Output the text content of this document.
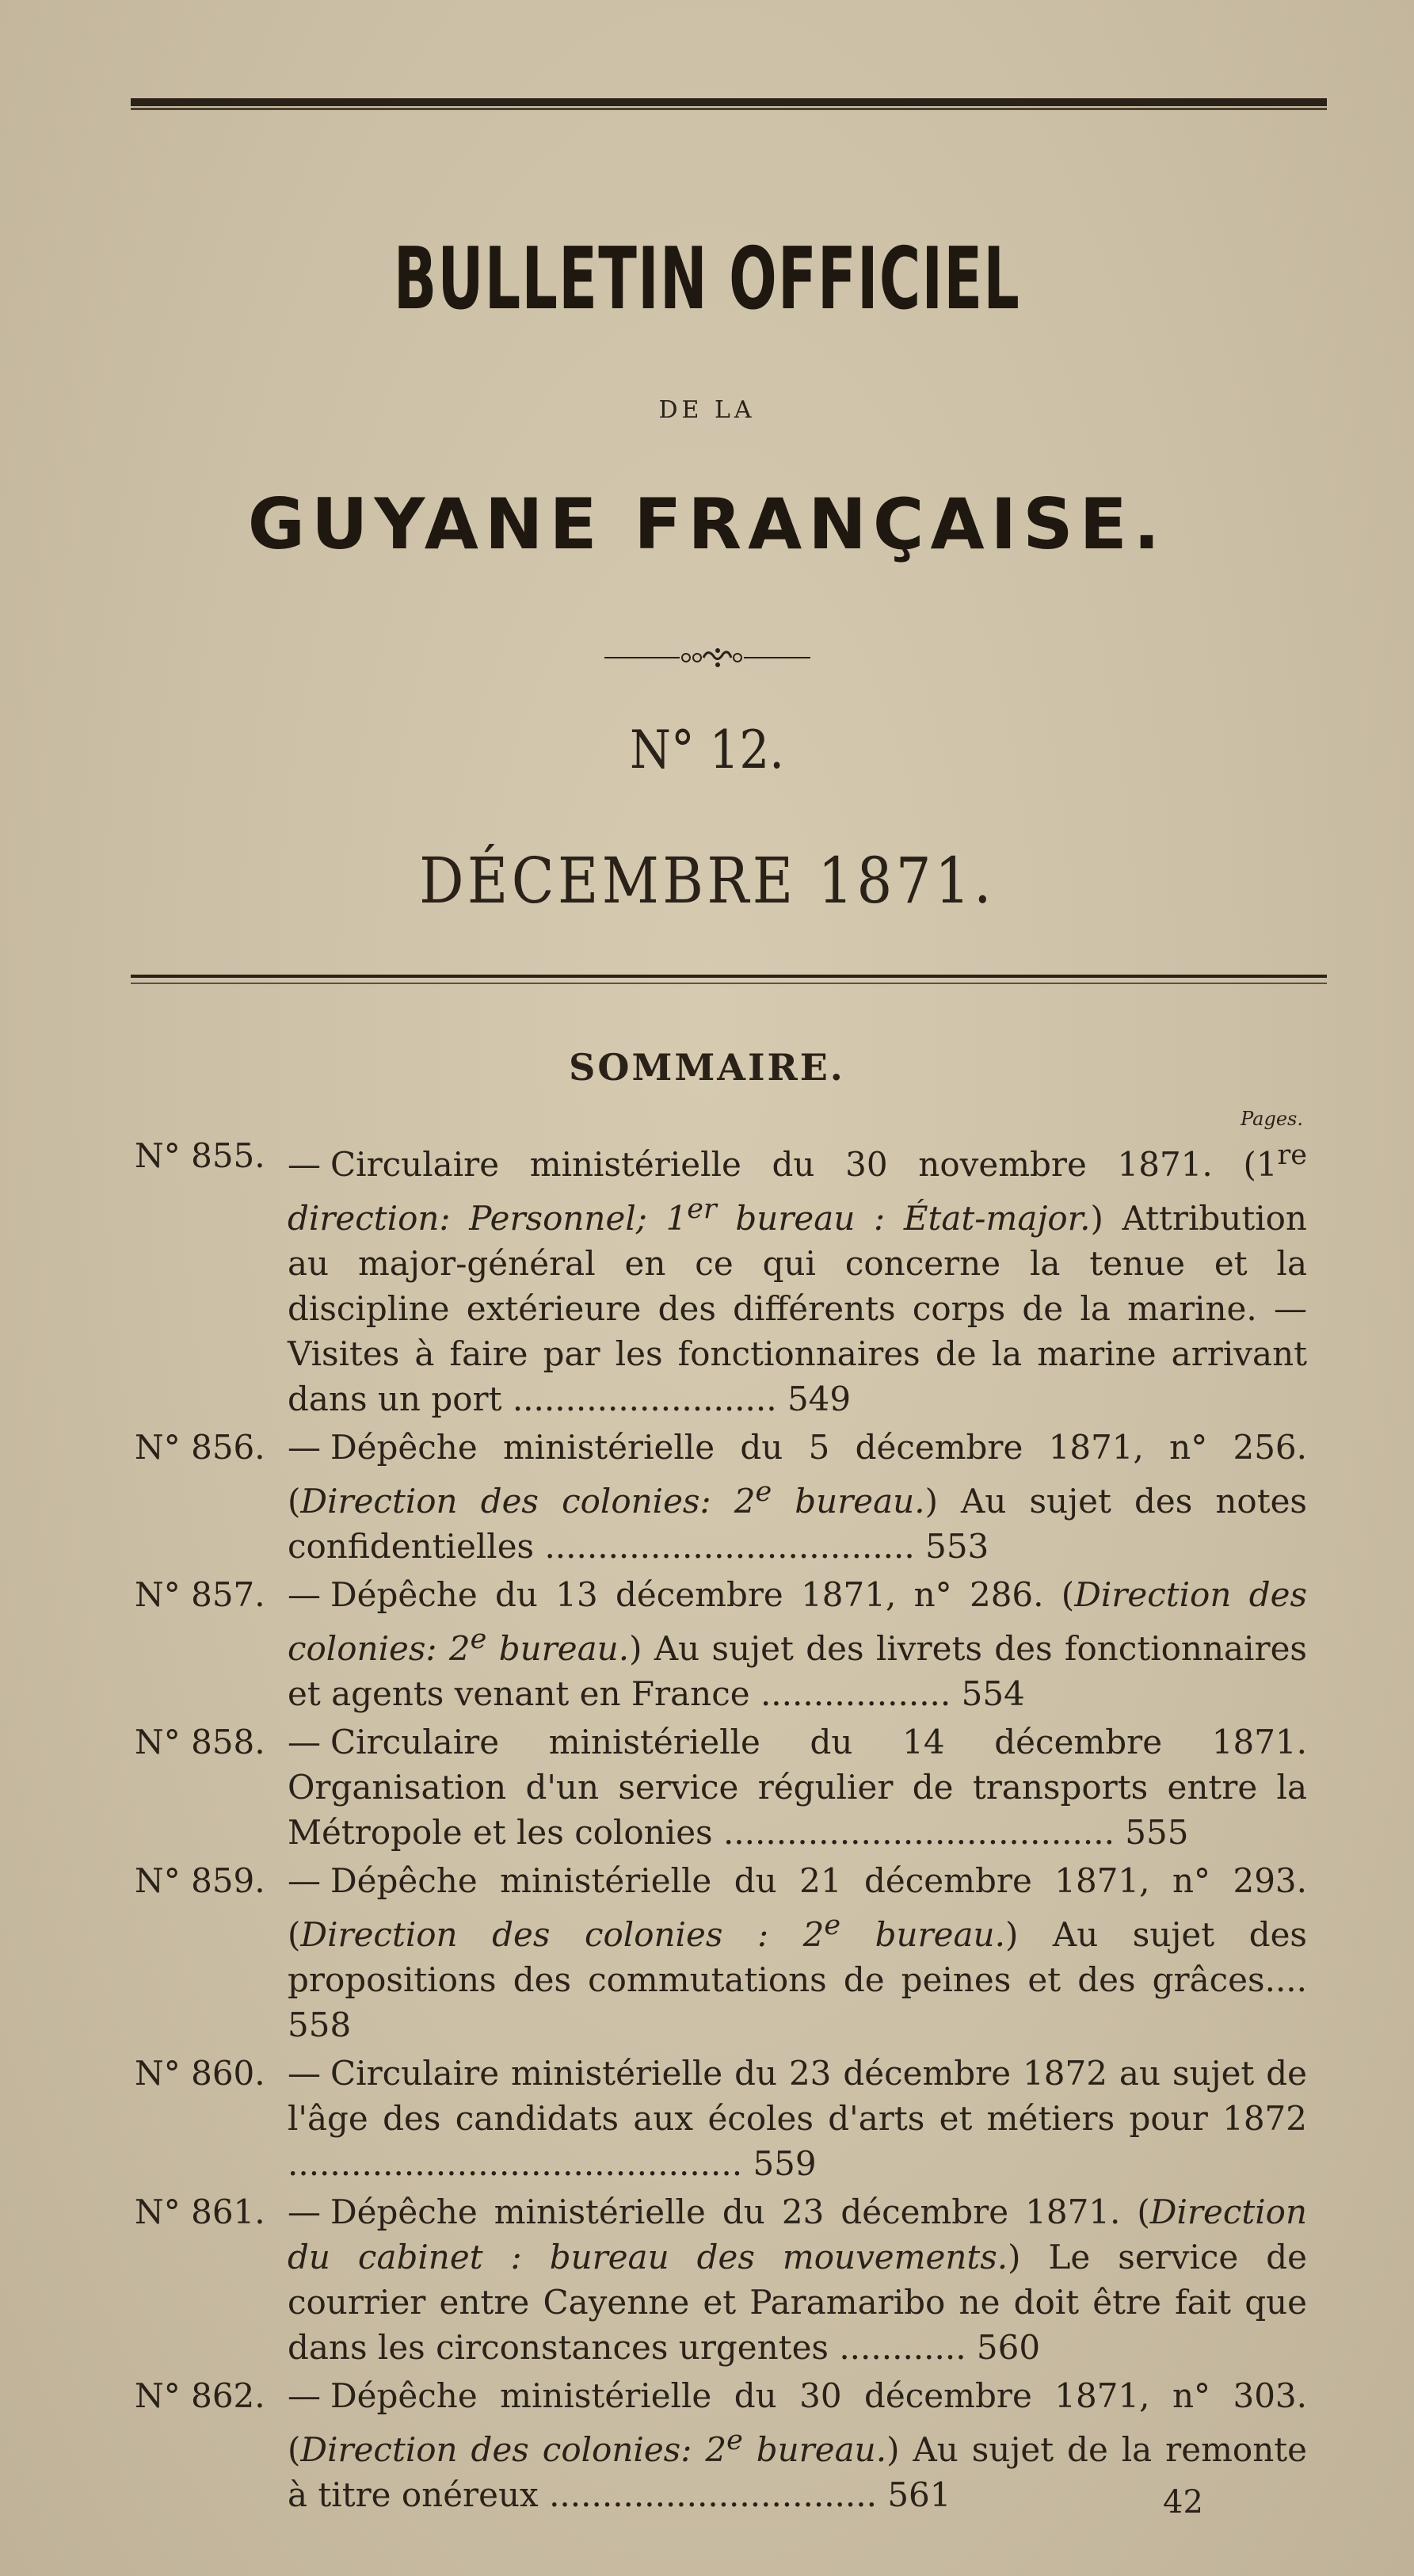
BULLETIN OFFICIEL
DE LA
GUYANE FRANÇAISE.
N° 12.
DÉCEMBRE 1871.
SOMMAIRE.
Pages.
N° 855. — Circulaire ministérielle du 30 novembre 1871. (1re direction: Personnel; 1er bureau : État-major.) Attribution au major-général en ce qui concerne la tenue et la discipline extérieure des différents corps de la marine. — Visites à faire par les fonctionnaires de la marine arrivant dans un port ......................... 549
N° 856. — Dépêche ministérielle du 5 décembre 1871, n° 256. (Direction des colonies: 2e bureau.) Au sujet des notes confidentielles ................................... 553
N° 857. — Dépêche du 13 décembre 1871, n° 286. (Direction des colonies: 2e bureau.) Au sujet des livrets des fonctionnaires et agents venant en France .................. 554
N° 858. — Circulaire ministérielle du 14 décembre 1871. Organisation d'un service régulier de transports entre la Métropole et les colonies ..................................... 555
N° 859. — Dépêche ministérielle du 21 décembre 1871, n° 293. (Direction des colonies : 2e bureau.) Au sujet des propositions des commutations de peines et des grâces.... 558
N° 860. — Circulaire ministérielle du 23 décembre 1872 au sujet de l'âge des candidats aux écoles d'arts et métiers pour 1872 ........................................... 559
N° 861. — Dépêche ministérielle du 23 décembre 1871. (Direction du cabinet : bureau des mouvements.) Le service de courrier entre Cayenne et Paramaribo ne doit être fait que dans les circonstances urgentes ............ 560
N° 862. — Dépêche ministérielle du 30 décembre 1871, n° 303. (Direction des colonies: 2e bureau.) Au sujet de la remonte à titre onéreux ............................... 561	42
